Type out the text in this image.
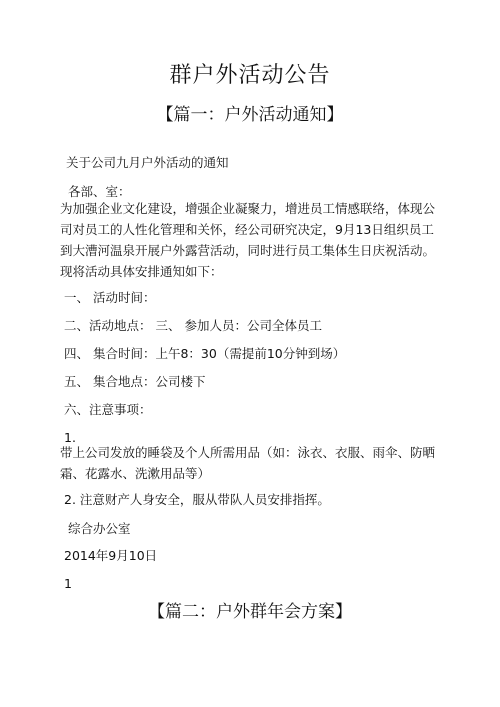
群户外活动公告
【篇一：户外活动通知】
关于公司九月户外活动的通知
各部、室：
为加强企业文化建设，增强企业凝聚力，增进员工情感联络，体现公
司对员工的人性化管理和关怀，经公司研究决定，9月13日组织员工
到大漕河温泉开展户外露营活动，同时进行员工集体生日庆祝活动。
现将活动具体安排通知如下：
一、 活动时间：
二、活动地点： 三、 参加人员：公司全体员工
四、 集合时间：上午8：30（需提前10分钟到场）
五、 集合地点：公司楼下
六、注意事项：
1.
带上公司发放的睡袋及个人所需用品（如：泳衣、衣服、雨伞、防晒
霜、花露水、洗漱用品等）
2. 注意财产人身安全，服从带队人员安排指挥。
综合办公室
2014年9月10日
1
【篇二：户外群年会方案】
